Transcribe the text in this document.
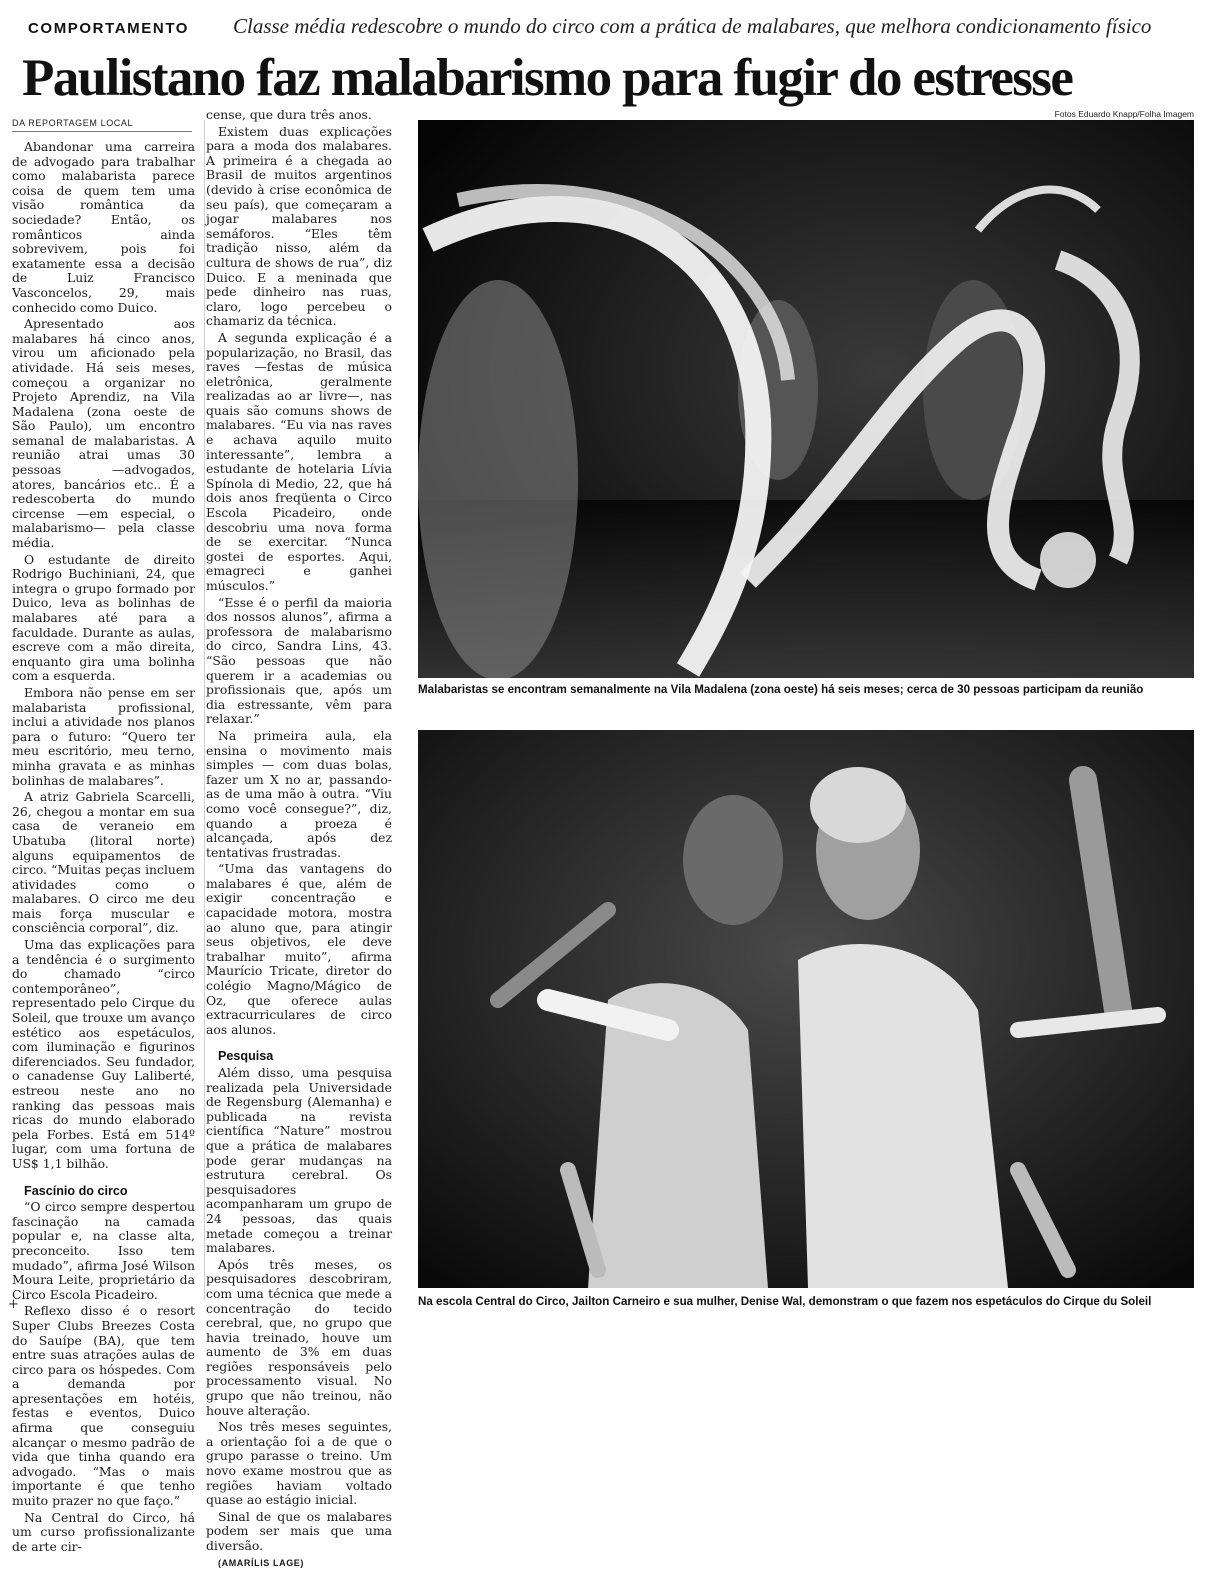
COMPORTAMENTO Classe média redescobre o mundo do circo com a prática de malabares, que melhora condicionamento físico
Paulistano faz malabarismo para fugir do estresse
DA REPORTAGEM LOCAL

Abandonar uma carreira de advogado para trabalhar como malabarista parece coisa de quem tem uma visão romântica da sociedade? Então, os românticos ainda sobrevivem, pois foi exatamente essa a decisão de Luiz Francisco Vasconcelos, 29, mais conhecido como Duico.

Apresentado aos malabares há cinco anos, virou um aficionado pela atividade. Há seis meses, começou a organizar no Projeto Aprendiz, na Vila Madalena (zona oeste de São Paulo), um encontro semanal de malabaristas. A reunião atrai umas 30 pessoas —advogados, atores, bancários etc.. É a redescoberta do mundo circense —em especial, o malabarismo— pela classe média.

O estudante de direito Rodrigo Buchiniani, 24, que integra o grupo formado por Duico, leva as bolinhas de malabares até para a faculdade. Durante as aulas, escreve com a mão direita, enquanto gira uma bolinha com a esquerda.

Embora não pense em ser malabarista profissional, inclui a atividade nos planos para o futuro: “Quero ter meu escritório, meu terno, minha gravata e as minhas bolinhas de malabares”.

A atriz Gabriela Scarcelli, 26, chegou a montar em sua casa de veraneio em Ubatuba (litoral norte) alguns equipamentos de circo. “Muitas peças incluem atividades como o malabares. O circo me deu mais força muscular e consciência corporal”, diz.

Uma das explicações para a tendência é o surgimento do chamado “circo contemporâneo”, representado pelo Cirque du Soleil, que trouxe um avanço estético aos espetáculos, com iluminação e figurinos diferenciados. Seu fundador, o canadense Guy Laliberté, estreou neste ano no ranking das pessoas mais ricas do mundo elaborado pela Forbes. Está em 514º lugar, com uma fortuna de US$ 1,1 bilhão.

Fascínio do circo

“O circo sempre despertou fascinação na camada popular e, na classe alta, preconceito. Isso tem mudado”, afirma José Wilson Moura Leite, proprietário da Circo Escola Picadeiro.

Reflexo disso é o resort Super Clubs Breezes Costa do Sauípe (BA), que tem entre suas atrações aulas de circo para os hóspedes. Com a demanda por apresentações em hotéis, festas e eventos, Duico afirma que conseguiu alcançar o mesmo padrão de vida que tinha quando era advogado. “Mas o mais importante é que tenho muito prazer no que faço.”

Na Central do Circo, há um curso profissionalizante de arte cir-

cense, que dura três anos.

Existem duas explicações para a moda dos malabares. A primeira é a chegada ao Brasil de muitos argentinos (devido à crise econômica de seu país), que começaram a jogar malabares nos semáforos. “Eles têm tradição nisso, além da cultura de shows de rua”, diz Duico. E a meninada que pede dinheiro nas ruas, claro, logo percebeu o chamariz da técnica.

A segunda explicação é a popularização, no Brasil, das raves —festas de música eletrônica, geralmente realizadas ao ar livre—, nas quais são comuns shows de malabares. “Eu via nas raves e achava aquilo muito interessante”, lembra a estudante de hotelaria Lívia Spínola di Medio, 22, que há dois anos freqüenta o Circo Escola Picadeiro, onde descobriu uma nova forma de se exercitar. “Nunca gostei de esportes. Aqui, emagreci e ganhei músculos.”

“Esse é o perfil da maioria dos nossos alunos”, afirma a professora de malabarismo do circo, Sandra Lins, 43. “São pessoas que não querem ir a academias ou profissionais que, após um dia estressante, vêm para relaxar.”

Na primeira aula, ela ensina o movimento mais simples — com duas bolas, fazer um X no ar, passando-as de uma mão à outra. “Viu como você consegue?”, diz, quando a proeza é alcançada, após dez tentativas frustradas.

“Uma das vantagens do malabares é que, além de exigir concentração e capacidade motora, mostra ao aluno que, para atingir seus objetivos, ele deve trabalhar muito”, afirma Maurício Tricate, diretor do colégio Magno/Mágico de Oz, que oferece aulas extracurriculares de circo aos alunos.

Pesquisa

Além disso, uma pesquisa realizada pela Universidade de Regensburg (Alemanha) e publicada na revista científica “Nature” mostrou que a prática de malabares pode gerar mudanças na estrutura cerebral. Os pesquisadores acompanharam um grupo de 24 pessoas, das quais metade começou a treinar malabares.

Após três meses, os pesquisadores descobriram, com uma técnica que mede a concentração do tecido cerebral, que, no grupo que havia treinado, houve um aumento de 3% em duas regiões responsáveis pelo processamento visual. No grupo que não treinou, não houve alteração.

Nos três meses seguintes, a orientação foi a de que o grupo parasse o treino. Um novo exame mostrou que as regiões haviam voltado quase ao estágio inicial.

Sinal de que os malabares podem ser mais que uma diversão.

(AMARÍLIS LAGE)
Fotos Eduardo Knapp/Folha Imagem
Malabaristas se encontram semanalmente na Vila Madalena (zona oeste) há seis meses; cerca de 30 pessoas participam da reunião
Na escola Central do Circo, Jailton Carneiro e sua mulher, Denise Wal, demonstram o que fazem nos espetáculos do Cirque du Soleil
+
